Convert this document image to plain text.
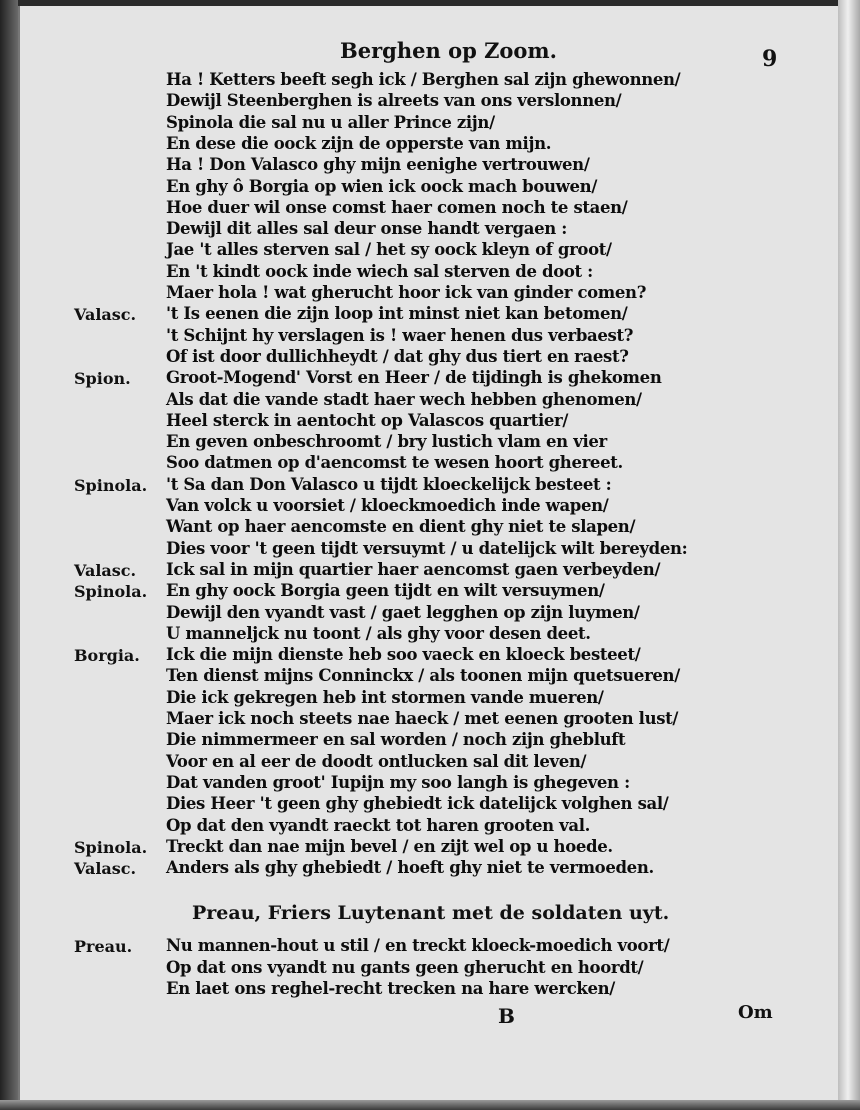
Berghen op Zoom.	9
Ha ! Ketters beeft segh ick / Berghen sal zijn ghewonnen/
Dewijl Steenberghen is alreets van ons verslonnen/
Spinola die sal nu u aller Prince zijn/
En dese die oock zijn de opperste van mijn.
Ha ! Don Valasco ghy mijn eenighe vertrouwen/
En ghy ô Borgia op wien ick oock mach bouwen/
Hoe duer wil onse comst haer comen noch te staen/
Dewijl dit alles sal deur onse handt vergaen :
Jae 't alles sterven sal / het sy oock kleyn of groot/
En 't kindt oock inde wiech sal sterven de doot :
Maer hola ! wat gherucht hoor ick van ginder comen?
Valasc. 't Is eenen die zijn loop int minst niet kan betomen/
't Schijnt hy verslagen is ! waer henen dus verbaest?
Of ist door dullichheydt / dat ghy dus tiert en raest?
Spion. Groot-Mogend' Vorst en Heer / de tijdingh is ghekomen
Als dat die vande stadt haer wech hebben ghenomen/
Heel sterck in aentocht op Valascos quartier/
En geven onbeschroomt / bry lustich vlam en vier
Soo datmen op d'aencomst te wesen hoort ghereet.
Spinola. 't Sa dan Don Valasco u tijdt kloeckelijck besteet :
Van volck u voorsiet / kloeckmoedich inde wapen/
Want op haer aencomste en dient ghy niet te slapen/
Dies voor 't geen tijdt versuymt / u datelijck wilt bereyden:
Valasc. Ick sal in mijn quartier haer aencomst gaen verbeyden/
Spinola. En ghy oock Borgia geen tijdt en wilt versuymen/
Dewijl den vyandt vast / gaet legghen op zijn luymen/
U manneljck nu toont / als ghy voor desen deet.
Borgia. Ick die mijn dienste heb soo vaeck en kloeck besteet/
Ten dienst mijns Conninckx / als toonen mijn quetsueren/
Die ick gekregen heb int stormen vande mueren/
Maer ick noch steets nae haeck / met eenen grooten lust/
Die nimmermeer en sal worden / noch zijn ghebluft
Voor en al eer de doodt ontlucken sal dit leven/
Dat vanden groot' Iupijn my soo langh is ghegeven :
Dies Heer 't geen ghy ghebiedt ick datelijck volghen sal/
Op dat den vyandt raeckt tot haren grooten val.
Spinola. Treckt dan nae mijn bevel / en zijt wel op u hoede.
Valasc. Anders als ghy ghebiedt / hoeft ghy niet te vermoeden.
Preau, Friers Luytenant met de soldaten uyt.
Preau. Nu mannen-hout u stil / en treckt kloeck-moedich voort/
Op dat ons vyandt nu gants geen gherucht en hoordt/
En laet ons reghel-recht trecken na hare wercken/
B	Om
